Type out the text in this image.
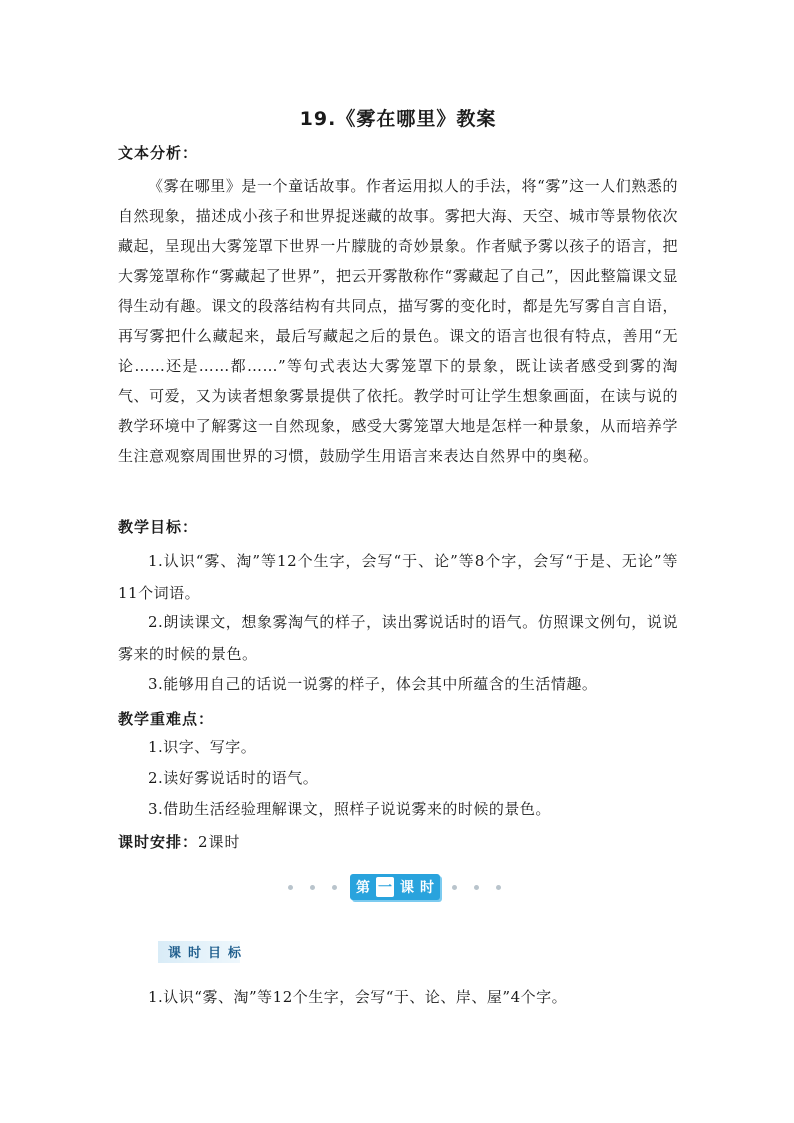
19.《雾在哪里》教案
文本分析：
《雾在哪里》是一个童话故事。作者运用拟人的手法，将“雾”这一人们熟悉的自然现象，描述成小孩子和世界捉迷藏的故事。雾把大海、天空、城市等景物依次藏起，呈现出大雾笼罩下世界一片朦胧的奇妙景象。作者赋予雾以孩子的语言，把大雾笼罩称作“雾藏起了世界”，把云开雾散称作“雾藏起了自己”，因此整篇课文显得生动有趣。课文的段落结构有共同点，描写雾的变化时，都是先写雾自言自语，再写雾把什么藏起来，最后写藏起之后的景色。课文的语言也很有特点，善用“无论……还是……都……”等句式表达大雾笼罩下的景象，既让读者感受到雾的淘气、可爱，又为读者想象雾景提供了依托。教学时可让学生想象画面，在读与说的教学环境中了解雾这一自然现象，感受大雾笼罩大地是怎样一种景象，从而培养学生注意观察周围世界的习惯，鼓励学生用语言来表达自然界中的奥秘。
教学目标：
1.认识“雾、淘”等12个生字，会写“于、论”等8个字，会写“于是、无论”等11个词语。
2.朗读课文，想象雾淘气的样子，读出雾说话时的语气。仿照课文例句，说说雾来的时候的景色。
3.能够用自己的话说一说雾的样子，体会其中所蕴含的生活情趣。
教学重难点：
1.识字、写字。
2.读好雾说话时的语气。
3.借助生活经验理解课文，照样子说说雾来的时候的景色。
课时安排：2课时
第 一 课 时
课时目标
1.认识“雾、淘”等12个生字，会写“于、论、岸、屋”4个字。
